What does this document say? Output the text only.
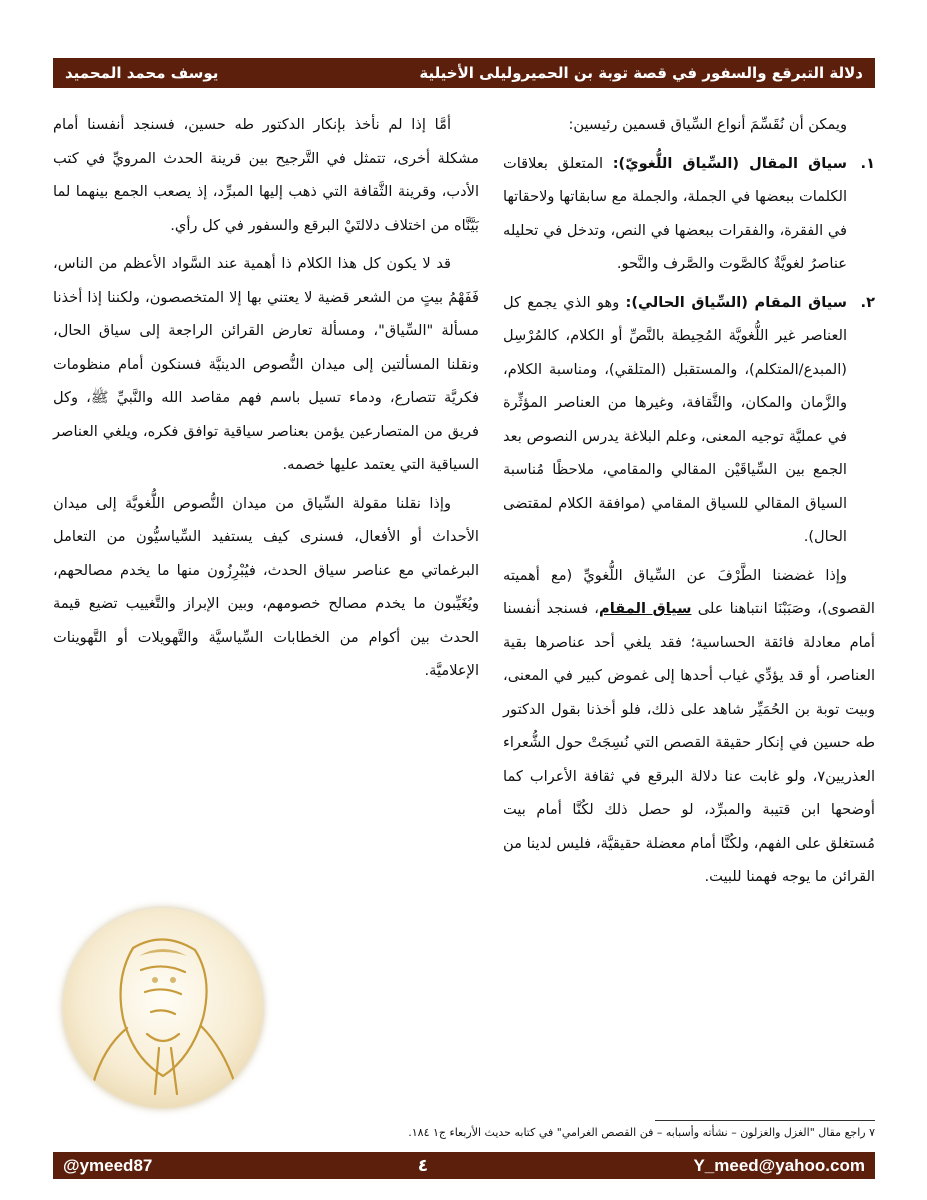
دلالة التبرقع والسفور في قصة توبة بن الحميروليلى الأخيلية
يوسف محمد المحميد

ويمكن أن نُقَسِّمَ أنواع السِّياق قسمين رئيسين:

١.
سياق المقال (السِّياق اللُّغويّ): المتعلق بعلاقات الكلمات ببعضها في الجملة، والجملة مع سابقاتها ولاحقاتها في الفقرة، والفقرات ببعضها في النص، وتدخل في تحليله عناصرُ لغويَّةٌ كالصَّوت والصَّرف والنَّحو.
٢.
سياق المقام (السِّياق الحالي): وهو الذي يجمع كل العناصر غير اللُّغويَّة المُحِيطة بالنَّصِّ أو الكلام، كالمُرْسِل (المبدع/المتكلم)، والمستقبل (المتلقي)، ومناسبة الكلام، والزَّمان والمكان، والثَّقافة، وغيرها من العناصر المؤثِّرة في عمليَّة توجيه المعنى، وعلم البلاغة يدرس النصوص بعد الجمع بين السِّياقَيْن المقالي والمقامي، ملاحظًا مُناسبة السياق المقالي للسياق المقامي (موافقة الكلام لمقتضى الحال).

وإذا غضضنا الطَّرْفَ عن السِّياق اللُّغويِّ (مع أهميته القصوى)، وصَبَبْنَا انتباهنا على سياق المقام، فسنجد أنفسنا أمام معادلة فائقة الحساسية؛ فقد يلغي أحد عناصرها بقية العناصر، أو قد يؤدِّي غياب أحدها إلى غموض كبير في المعنى، وبيت توبة بن الحُمَيِّر شاهد على ذلك، فلو أخذنا بقول الدكتور طه حسين في إنكار حقيقة القصص التي نُسِجَتْ حول الشُّعراء العذريين٧، ولو غابت عنا دلالة البرقع في ثقافة الأعراب كما أوضحها ابن قتيبة والمبرِّد، لو حصل ذلك لكُنَّا أمام بيت مُستغلق على الفهم، ولكُنَّا أمام معضلة حقيقيَّة، فليس لدينا من القرائن ما يوجه فهمنا للبيت.

أمَّا إذا لم نأخذ بإنكار الدكتور طه حسين، فسنجد أنفسنا أمام مشكلة أخرى، تتمثل في التَّرجيح بين قرينة الحدث المرويِّ في كتب الأدب، وقرينة الثَّقافة التي ذهب إليها المبرِّد، إذ يصعب الجمع بينهما لما بَيَّنَّاه من اختلاف دلالتَيْ البرقع والسفور في كل رأي.

قد لا يكون كل هذا الكلام ذا أهمية عند السَّواد الأعظم من الناس، فَفَهْمُ بيتٍ من الشعر قضية لا يعتني بها إلا المتخصصون، ولكننا إذا أخذنا مسألة "السِّياق"، ومسألة تعارض القرائن الراجعة إلى سياق الحال، ونقلنا المسألتين إلى ميدان النُّصوص الدينيَّة فسنكون أمام منظومات فكريَّة تتصارع، ودماء تسيل باسم فهم مقاصد الله والنَّبيِّ ﷺ، وكل فريق من المتصارعين يؤمن بعناصر سياقية توافق فكره، ويلغي العناصر السياقية التي يعتمد عليها خصمه.

وإذا نقلنا مقولة السِّياق من ميدان النُّصوص اللُّغويَّة إلى ميدان الأحداث أو الأفعال، فسنرى كيف يستفيد السِّياسيُّون من التعامل البرغماتي مع عناصر سياق الحدث، فيُبْرِزُون منها ما يخدم مصالحهم، ويُغَيِّبون ما يخدم مصالح خصومهم، وبين الإبراز والتَّغييب تضيع قيمة الحدث بين أكوام من الخطابات السِّياسيَّة والتَّهويلات أو التَّهوينات الإعلاميَّة.

٧ راجع مقال "الغزل والغزلون – نشأته وأسبابه – فن القصص الغرامي" في كتابه حديث الأربعاء ج١ ١٨٤.
Y_meed@yahoo.com
٤
@ymeed87
